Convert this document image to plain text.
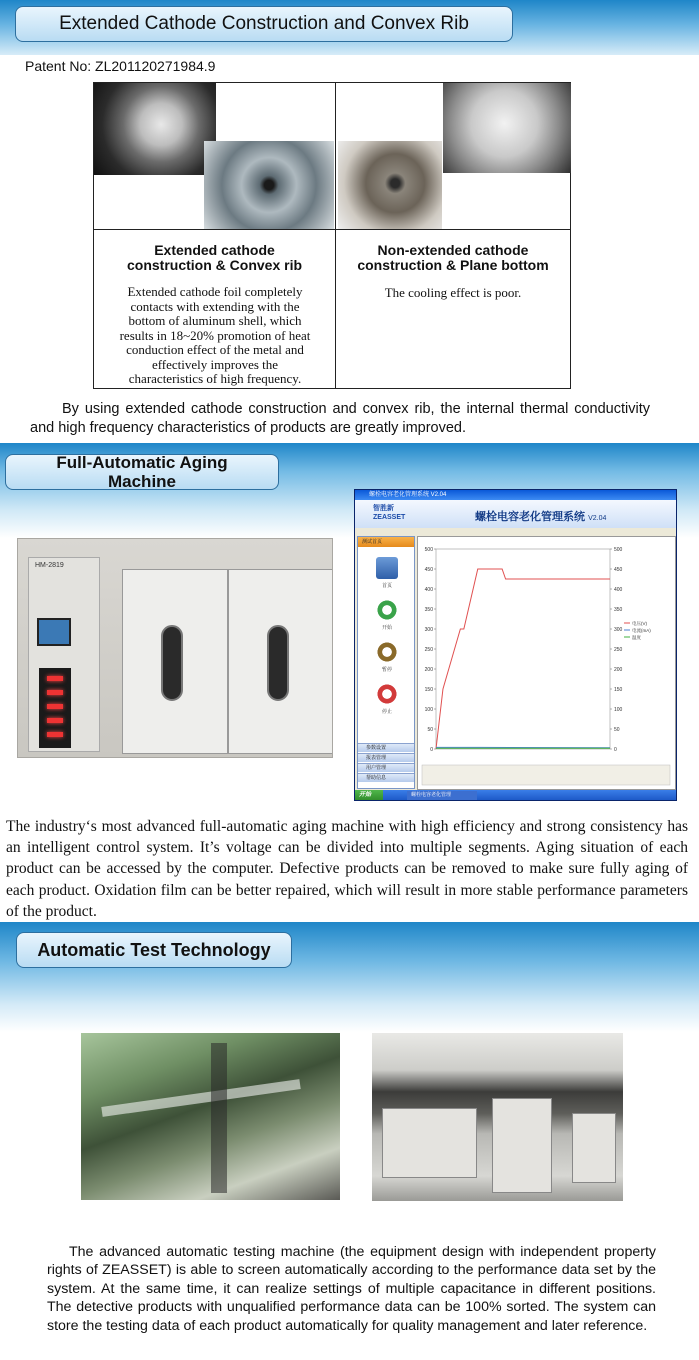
Extended Cathode Construction and Convex Rib
Patent No: ZL201120271984.9
Extended cathode
construction & Convex rib
Extended cathode foil completely
contacts with extending with the
bottom of aluminum shell, which
results in 18~20% promotion of heat
conduction effect of the metal and
effectively improves the
characteristics of high frequency.
Non-extended cathode
construction & Plane bottom
The cooling effect is poor.
By using extended cathode construction and convex rib, the internal thermal conductivity and high frequency characteristics of products are greatly improved.
Full-Automatic Aging
Machine
HM-2819
螺栓电容老化管理系统 V2.04
智胜新
ZEASSET	螺栓电容老化管理系统 V2.04
测试首页
首页
开始
暂停
停止
参数设置
报表管理
用户管理
帮助信息
0
50
100
150
200
250
300
350
400
450
500
0
50
100
150
200
250
300
350
400
450
500
电压(V)
电流(mA)
温度
开始	螺栓电容老化管理
The industry‘s most advanced full-automatic aging machine with high efficiency and strong consistency has an intelligent control system. It’s voltage can be divided into multiple segments. Aging situation of each product can be accessed by the computer. Defective products can be removed to make sure fully aging of each product. Oxidation film can be better repaired, which will result in more stable performance parameters of the product.
Automatic Test Technology
The advanced automatic testing machine (the equipment design with independent property rights of ZEASSET) is able to screen automatically according to the performance data set by the system. At the same time, it can realize settings of multiple capacitance in different positions. The detective products with unqualified performance data can be 100% sorted. The system can store the testing data of each product automatically for quality management and later reference.
